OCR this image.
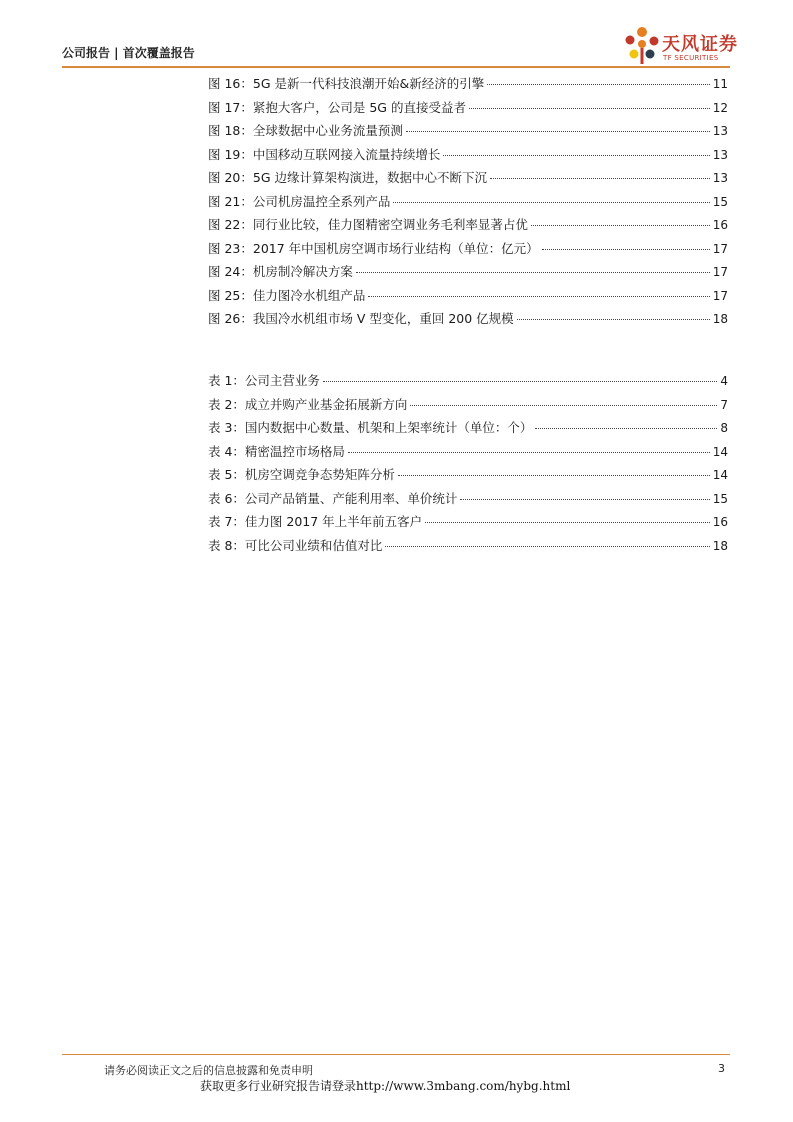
公司报告 | 首次覆盖报告	天风证券
TF SECURITIES
图 16：5G 是新一代科技浪潮开始&新经济的引擎	11
图 17：紧抱大客户，公司是 5G 的直接受益者	12
图 18：全球数据中心业务流量预测	13
图 19：中国移动互联网接入流量持续增长	13
图 20：5G 边缘计算架构演进，数据中心不断下沉	13
图 21：公司机房温控全系列产品	15
图 22：同行业比较，佳力图精密空调业务毛利率显著占优	16
图 23：2017 年中国机房空调市场行业结构（单位：亿元）	17
图 24：机房制冷解决方案	17
图 25：佳力图冷水机组产品	17
图 26：我国冷水机组市场 V 型变化，重回 200 亿规模	18
表 1：公司主营业务	4
表 2：成立并购产业基金拓展新方向	7
表 3：国内数据中心数量、机架和上架率统计（单位：个）	8
表 4：精密温控市场格局	14
表 5：机房空调竞争态势矩阵分析	14
表 6：公司产品销量、产能利用率、单价统计	15
表 7：佳力图 2017 年上半年前五客户	16
表 8：可比公司业绩和估值对比	18
请务必阅读正文之后的信息披露和免责申明	3
获取更多行业研究报告请登录http://www.3mbang.com/hybg.html
